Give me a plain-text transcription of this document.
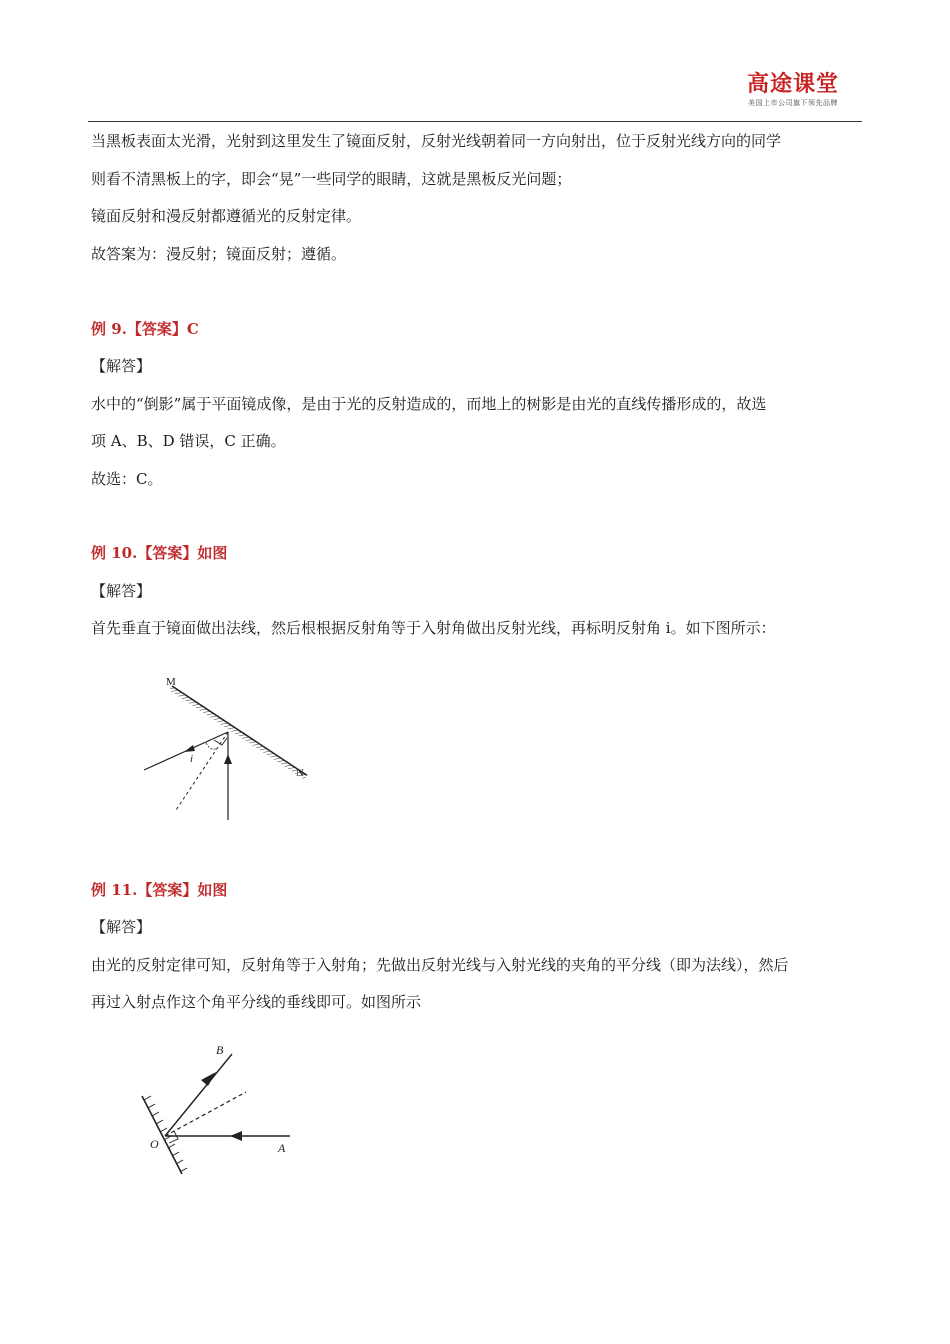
高途课堂
美国上市公司旗下领先品牌
当黑板表面太光滑，光射到这里发生了镜面反射，反射光线朝着同一方向射出，位于反射光线方向的同学
则看不清黑板上的字，即会“晃”一些同学的眼睛，这就是黑板反光问题；
镜面反射和漫反射都遵循光的反射定律。
故答案为：漫反射；镜面反射；遵循。
例 9.【答案】C
【解答】
水中的“倒影”属于平面镜成像，是由于光的反射造成的，而地上的树影是由光的直线传播形成的，故选
项 A、B、D 错误，C 正确。
故选：C。
例 10.【答案】如图
【解答】
首先垂直于镜面做出法线，然后根根据反射角等于入射角做出反射光线，再标明反射角 i。如下图所示：
M
N
i
例 11.【答案】如图
【解答】
由光的反射定律可知，反射角等于入射角；先做出反射光线与入射光线的夹角的平分线（即为法线），然后
再过入射点作这个角平分线的垂线即可。如图所示
B
O	A
